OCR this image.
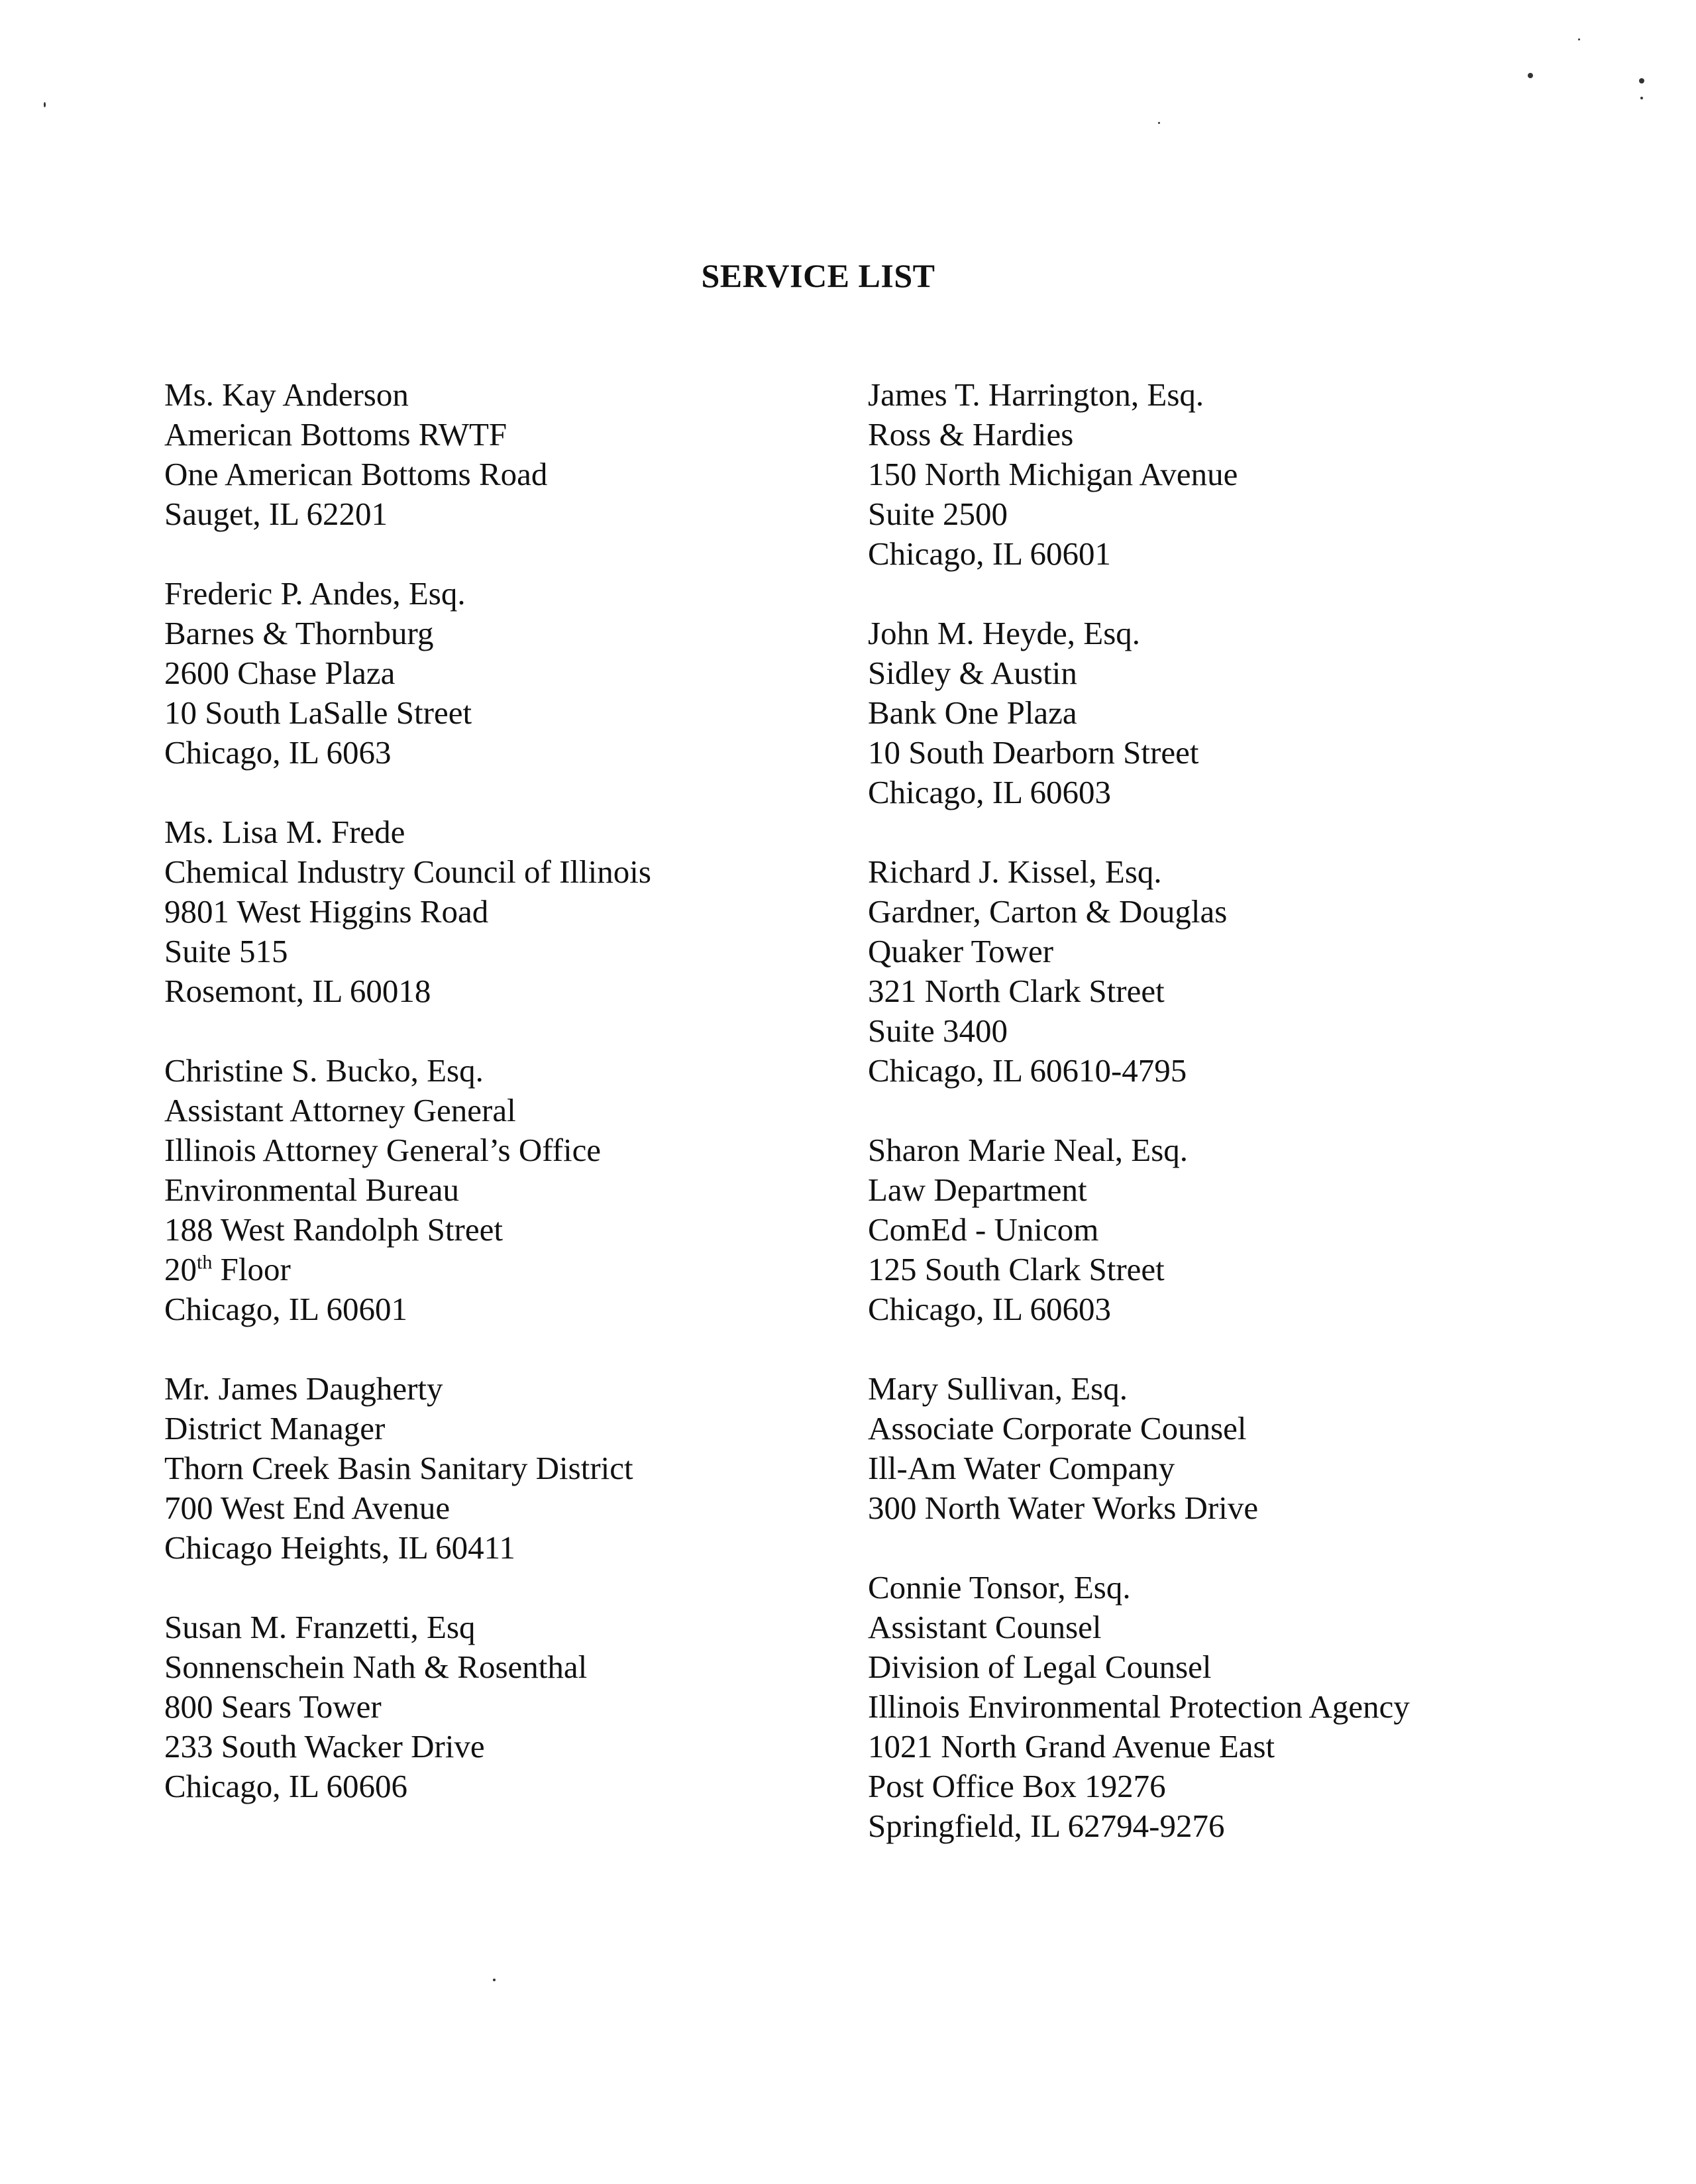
SERVICE LIST
Ms. Kay Anderson
American Bottoms RWTF
One American Bottoms Road
Sauget, IL 62201
Frederic P. Andes, Esq.
Barnes & Thornburg
2600 Chase Plaza
10 South LaSalle Street
Chicago, IL 6063
Ms. Lisa M. Frede
Chemical Industry Council of Illinois
9801 West Higgins Road
Suite 515
Rosemont, IL 60018
Christine S. Bucko, Esq.
Assistant Attorney General
Illinois Attorney General’s Office
Environmental Bureau
188 West Randolph Street
20th Floor
Chicago, IL 60601
Mr. James Daugherty
District Manager
Thorn Creek Basin Sanitary District
700 West End Avenue
Chicago Heights, IL 60411
Susan M. Franzetti, Esq
Sonnenschein Nath & Rosenthal
800 Sears Tower
233 South Wacker Drive
Chicago, IL 60606
James T. Harrington, Esq.
Ross & Hardies
150 North Michigan Avenue
Suite 2500
Chicago, IL 60601
John M. Heyde, Esq.
Sidley & Austin
Bank One Plaza
10 South Dearborn Street
Chicago, IL 60603
Richard J. Kissel, Esq.
Gardner, Carton & Douglas
Quaker Tower
321 North Clark Street
Suite 3400
Chicago, IL 60610-4795
Sharon Marie Neal, Esq.
Law Department
ComEd - Unicom
125 South Clark Street
Chicago, IL 60603
Mary Sullivan, Esq.
Associate Corporate Counsel
Ill-Am Water Company
300 North Water Works Drive
Connie Tonsor, Esq.
Assistant Counsel
Division of Legal Counsel
Illinois Environmental Protection Agency
1021 North Grand Avenue East
Post Office Box 19276
Springfield, IL 62794-9276
